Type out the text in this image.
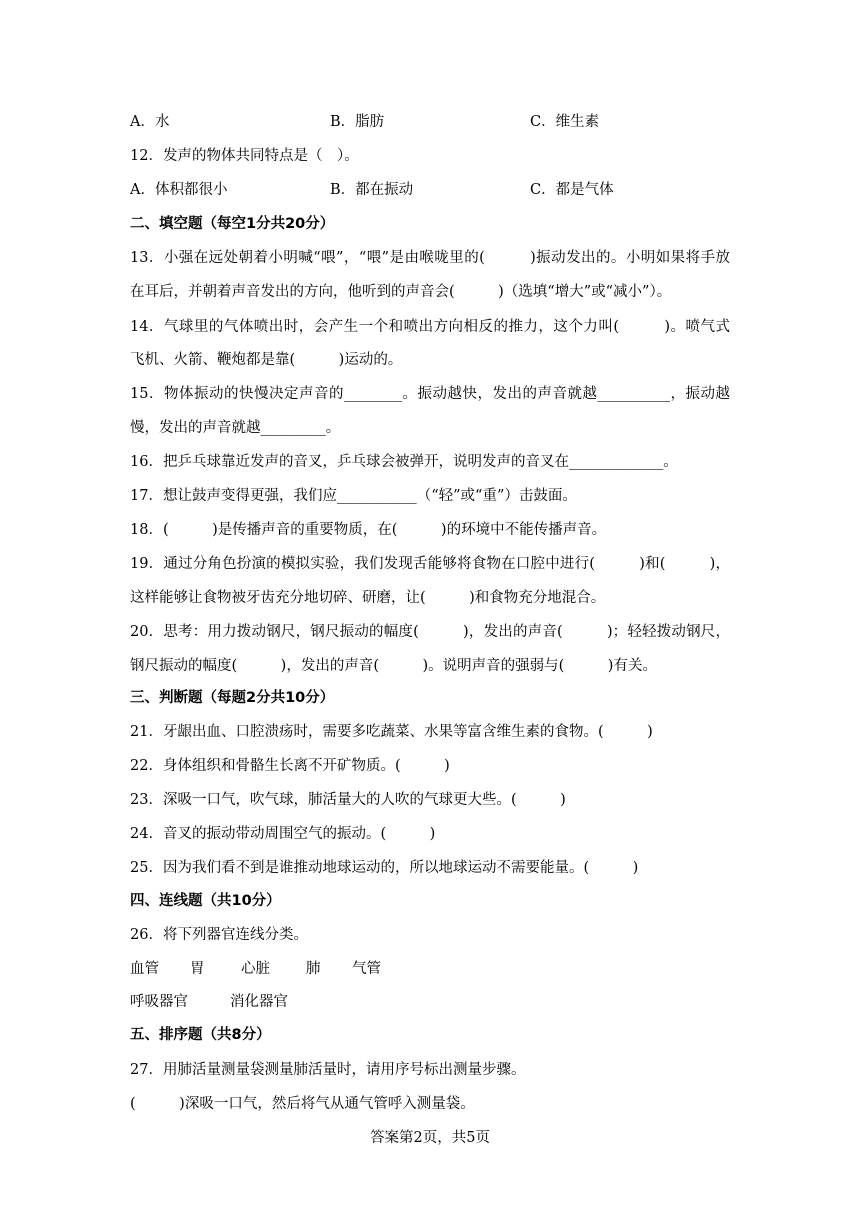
A．水	B．脂肪	C．维生素
12．发声的物体共同特点是（　）。
A．体积都很小	B．都在振动	C．都是气体
二、填空题（每空1分共20分）
13．小强在远处朝着小明喊“喂”，“喂”是由喉咙里的(　　　)振动发出的。小明如果将手放
在耳后，并朝着声音发出的方向，他听到的声音会(　　　)（选填“增大”或“减小”）。
14．气球里的气体喷出时，会产生一个和喷出方向相反的推力，这个力叫(　　　)。喷气式
飞机、火箭、鞭炮都是靠(　　　)运动的。
15．物体振动的快慢决定声音的________。振动越快，发出的声音就越__________，振动越
慢，发出的声音就越_________。
16．把乒乓球靠近发声的音叉，乒乓球会被弹开，说明发声的音叉在_____________。
17．想让鼓声变得更强，我们应___________（“轻”或“重”）击鼓面。
18．(　　　)是传播声音的重要物质，在(　　　)的环境中不能传播声音。
19．通过分角色扮演的模拟实验，我们发现舌能够将食物在口腔中进行(　　　)和(　　　)，
这样能够让食物被牙齿充分地切碎、研磨，让(　　　)和食物充分地混合。
20．思考：用力拨动钢尺，钢尺振动的幅度(　　　)，发出的声音(　　　)；轻轻拨动钢尺，
钢尺振动的幅度(　　　)，发出的声音(　　　)。说明声音的强弱与(　　　)有关。
三、判断题（每题2分共10分）
21．牙龈出血、口腔溃疡时，需要多吃蔬菜、水果等富含维生素的食物。(　　　)
22．身体组织和骨骼生长离不开矿物质。(　　　)
23．深吸一口气，吹气球，肺活量大的人吹的气球更大些。(　　　)
24．音叉的振动带动周围空气的振动。(　　　)
25．因为我们看不到是谁推动地球运动的，所以地球运动不需要能量。(　　　)
四、连线题（共10分）
26．将下列器官连线分类。
血管 胃	心脏 肺 气管
呼吸器官	消化器官
五、排序题（共8分）
27．用肺活量测量袋测量肺活量时，请用序号标出测量步骤。
(　　　)深吸一口气，然后将气从通气管呼入测量袋。
答案第2页，共5页
